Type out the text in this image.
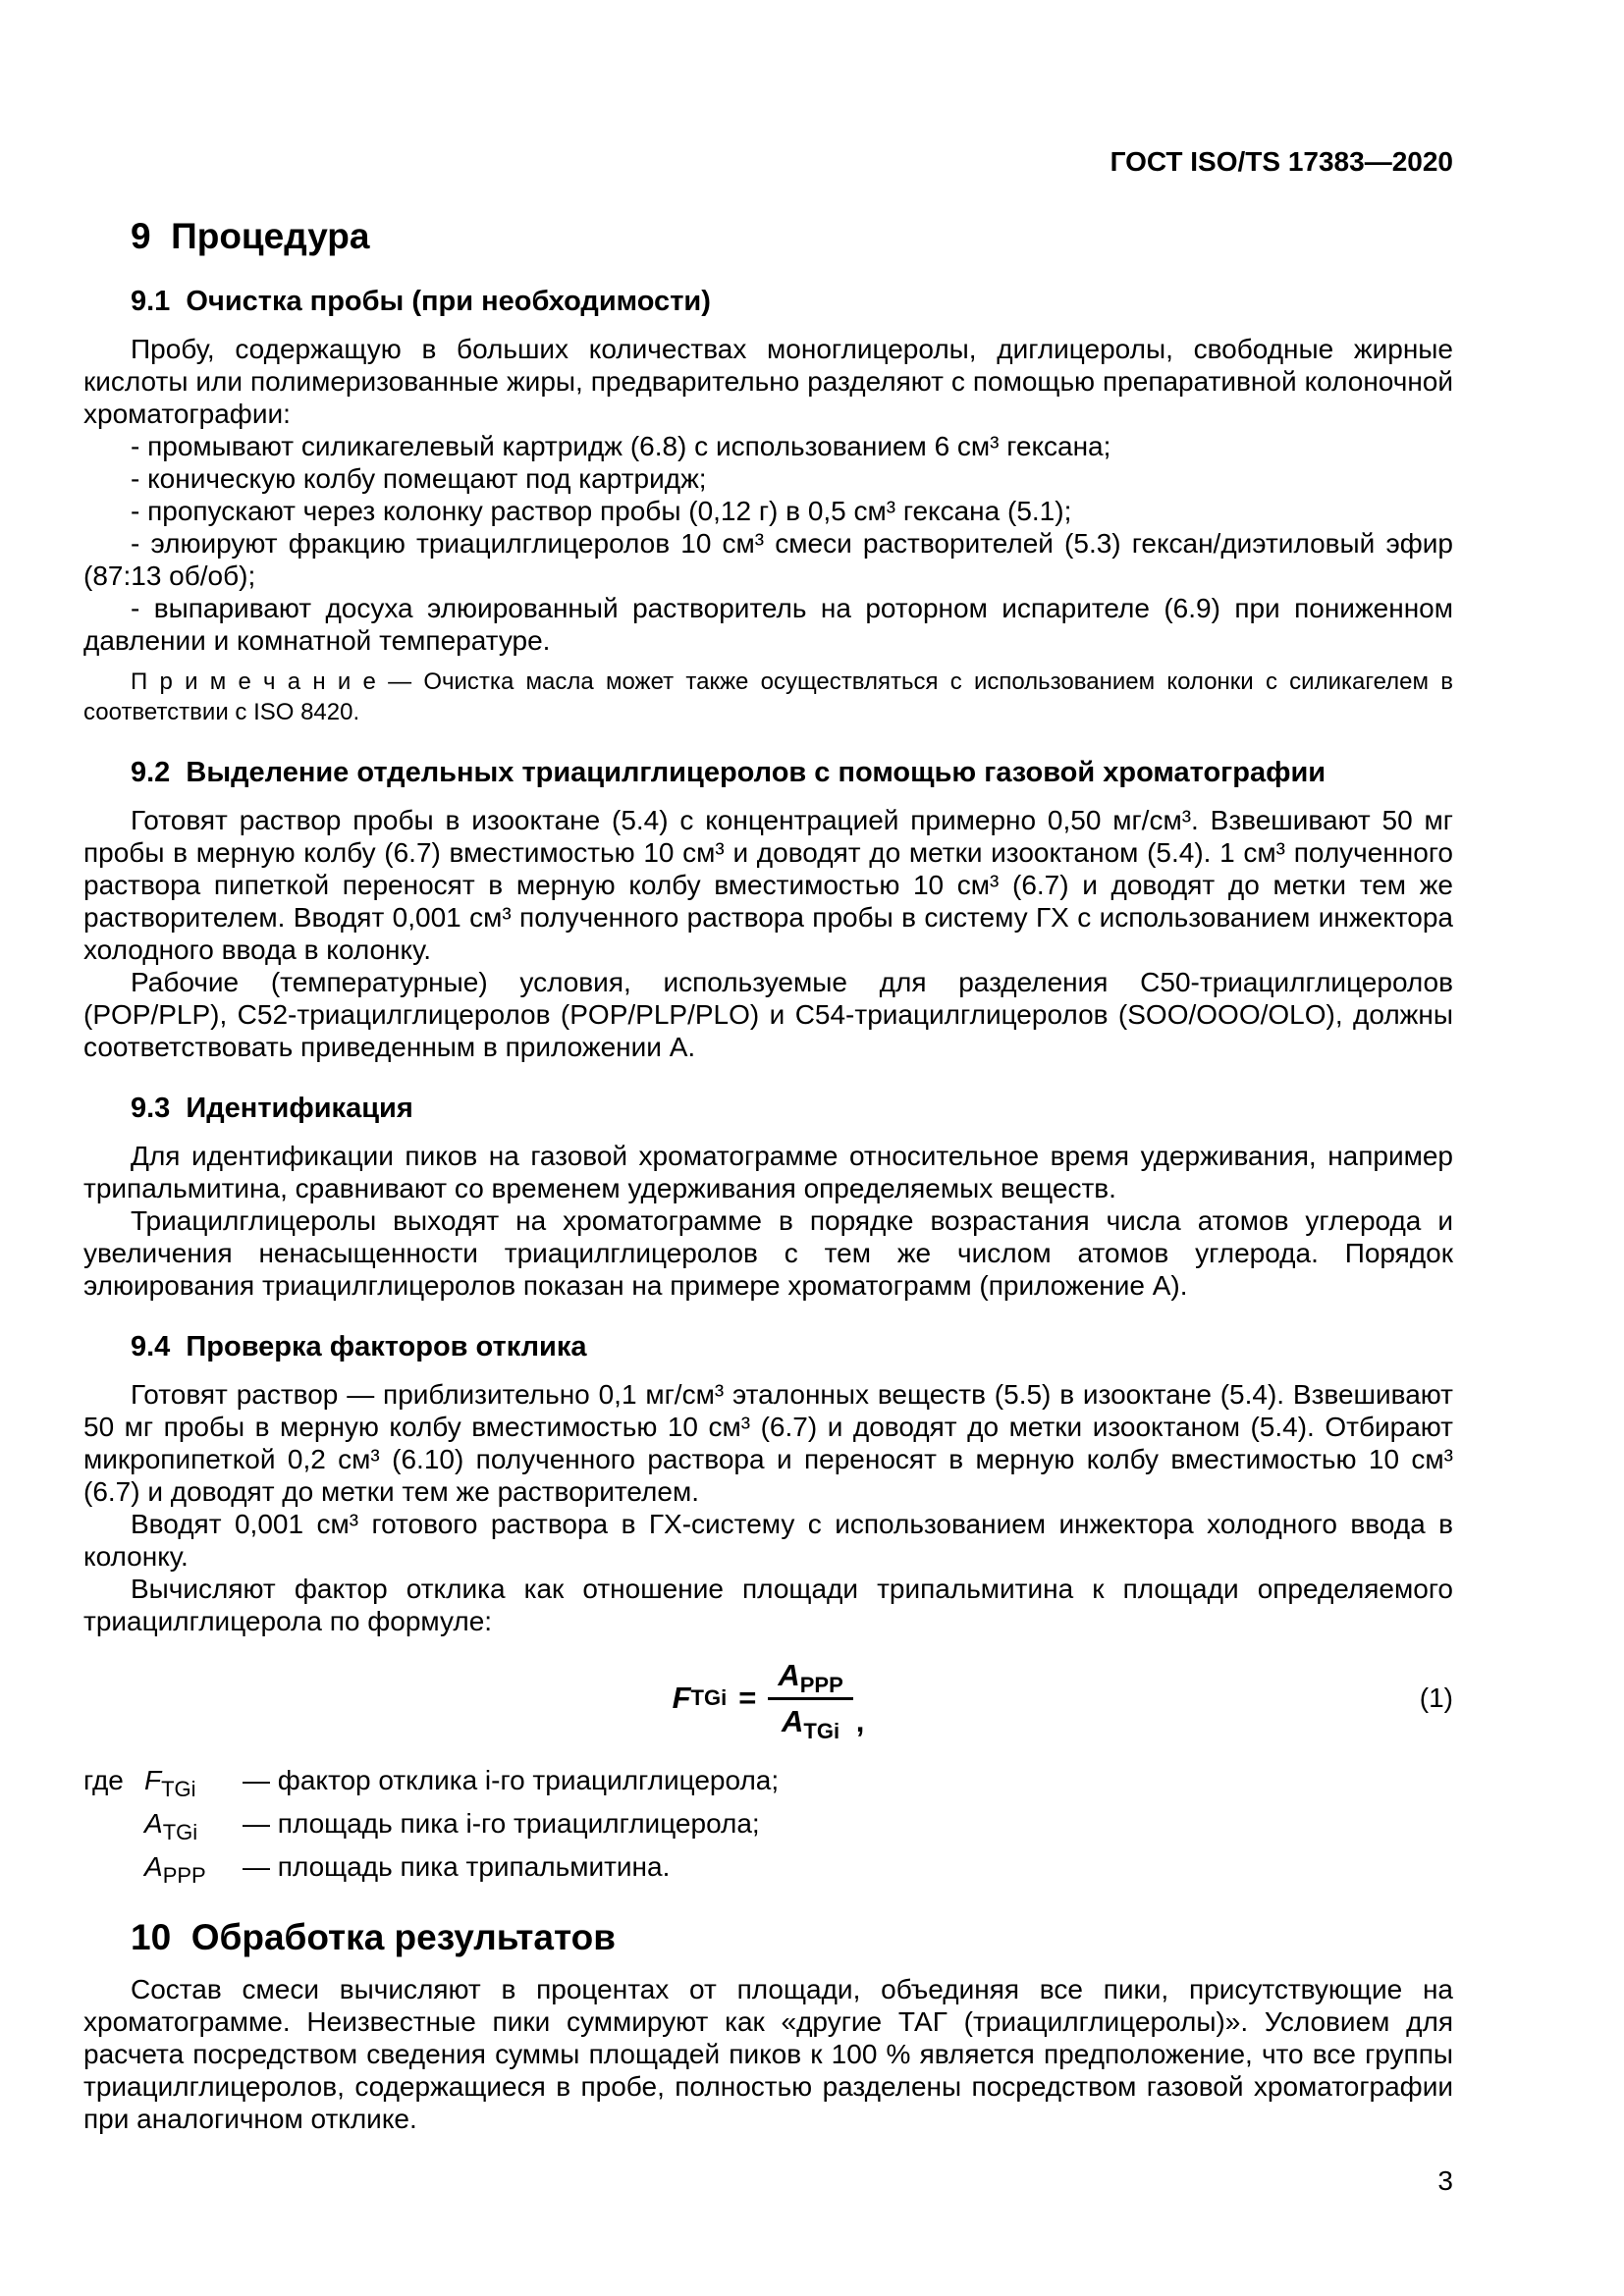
ГОСТ ISO/TS 17383—2020
9  Процедура
9.1  Очистка пробы (при необходимости)

Пробу, содержащую в больших количествах моноглицеролы, диглицеролы, свободные жирные кислоты или полимеризованные жиры, предварительно разделяют с помощью препаративной колоночной хроматографии:

- промывают силикагелевый картридж (6.8) с использованием 6 см³ гексана;

- коническую колбу помещают под картридж;

- пропускают через колонку раствор пробы (0,12 г) в 0,5 см³ гексана (5.1);

- элюируют фракцию триацилглицеролов 10 см³ смеси растворителей (5.3) гексан/диэтиловый эфир (87:13 об/об);

- выпаривают досуха элюированный растворитель на роторном испарителе (6.9) при пониженном давлении и комнатной температуре.

П р и м е ч а н и е — Очистка масла может также осуществляться с использованием колонки с силикагелем в соответствии с ISO 8420.

9.2  Выделение отдельных триацилглицеролов с помощью газовой хроматографии

Готовят раствор пробы в изооктане (5.4) с концентрацией примерно 0,50 мг/см³. Взвешивают 50 мг пробы в мерную колбу (6.7) вместимостью 10 см³ и доводят до метки изооктаном (5.4). 1 см³ полученного раствора пипеткой переносят в мерную колбу вместимостью 10 см³ (6.7) и доводят до метки тем же растворителем. Вводят 0,001 см³ полученного раствора пробы в систему ГХ с использованием инжектора холодного ввода в колонку.

Рабочие (температурные) условия, используемые для разделения С50-триацилглицеролов (POP/PLP), С52-триацилглицеролов (POP/PLP/PLO) и С54-триацилглицеролов (SOO/OOO/OLO), должны соответствовать приведенным в приложении А.

9.3  Идентификация

Для идентификации пиков на газовой хроматограмме относительное время удерживания, например трипальмитина, сравнивают со временем удерживания определяемых веществ.

Триацилглицеролы выходят на хроматограмме в порядке возрастания числа атомов углерода и увеличения ненасыщенности триацилглицеролов с тем же числом атомов углерода. Порядок элюирования триацилглицеролов показан на примере хроматограмм (приложение А).

9.4  Проверка факторов отклика

Готовят раствор — приблизительно 0,1 мг/см³ эталонных веществ (5.5) в изооктане (5.4). Взвешивают 50 мг пробы в мерную колбу вместимостью 10 см³ (6.7) и доводят до метки изооктаном (5.4). Отбирают микропипеткой 0,2 см³ (6.10) полученного раствора и переносят в мерную колбу вместимостью 10 см³ (6.7) и доводят до метки тем же растворителем.

Вводят 0,001 см³ готового раствора в ГХ-систему с использованием инжектора холодного ввода в колонку.

Вычисляют фактор отклика как отношение площади трипальмитина к площади определяемого триацилглицерола по формуле:

F TGi = $\frac{A_{PPP}}{A_{TGi}}$ ,
(1)
где $F_{TGi}$	— фактор отклика i-го триацилглицерола;
$A_{TGi}$	— площадь пика i-го триацилглицерола;
$A_{PPP}$	— площадь пика трипальмитина.
10  Обработка результатов

Состав смеси вычисляют в процентах от площади, объединяя все пики, присутствующие на хроматограмме. Неизвестные пики суммируют как «другие ТАГ (триацилглицеролы)». Условием для расчета посредством сведения суммы площадей пиков к 100 % является предположение, что все группы триацилглицеролов, содержащиеся в пробе, полностью разделены посредством газовой хроматографии при аналогичном отклике.

3
